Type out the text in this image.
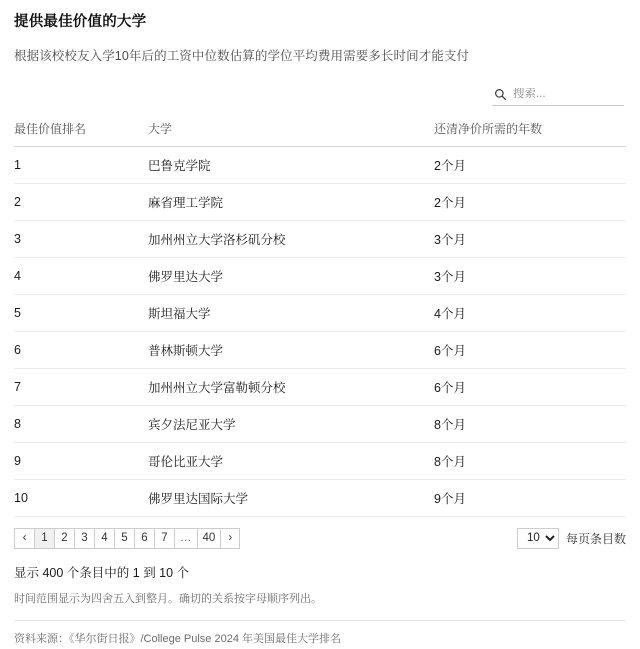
提供最佳价值的大学
根据该校校友入学10年后的工资中位数估算的学位平均费用需要多长时间才能支付
搜索...
最佳价值排名	大学	还清净价所需的年数
1	巴鲁克学院	2个月
2	麻省理工学院	2个月
3	加州州立大学洛杉矶分校	3个月
4	佛罗里达大学	3个月
5	斯坦福大学	4个月
6	普林斯顿大学	6个月
7	加州州立大学富勒顿分校	6个月
8	宾夕法尼亚大学	8个月
9	哥伦比亚大学	8个月
10	佛罗里达国际大学	9个月
‹	1	2	3	4	5	6	7	… 40	›
10	每页条目数
显示 400 个条目中的 1 到 10 个
时间范围显示为四舍五入到整月。确切的关系按字母顺序列出。
资料来源：《华尔街日报》/College Pulse 2024 年美国最佳大学排名
